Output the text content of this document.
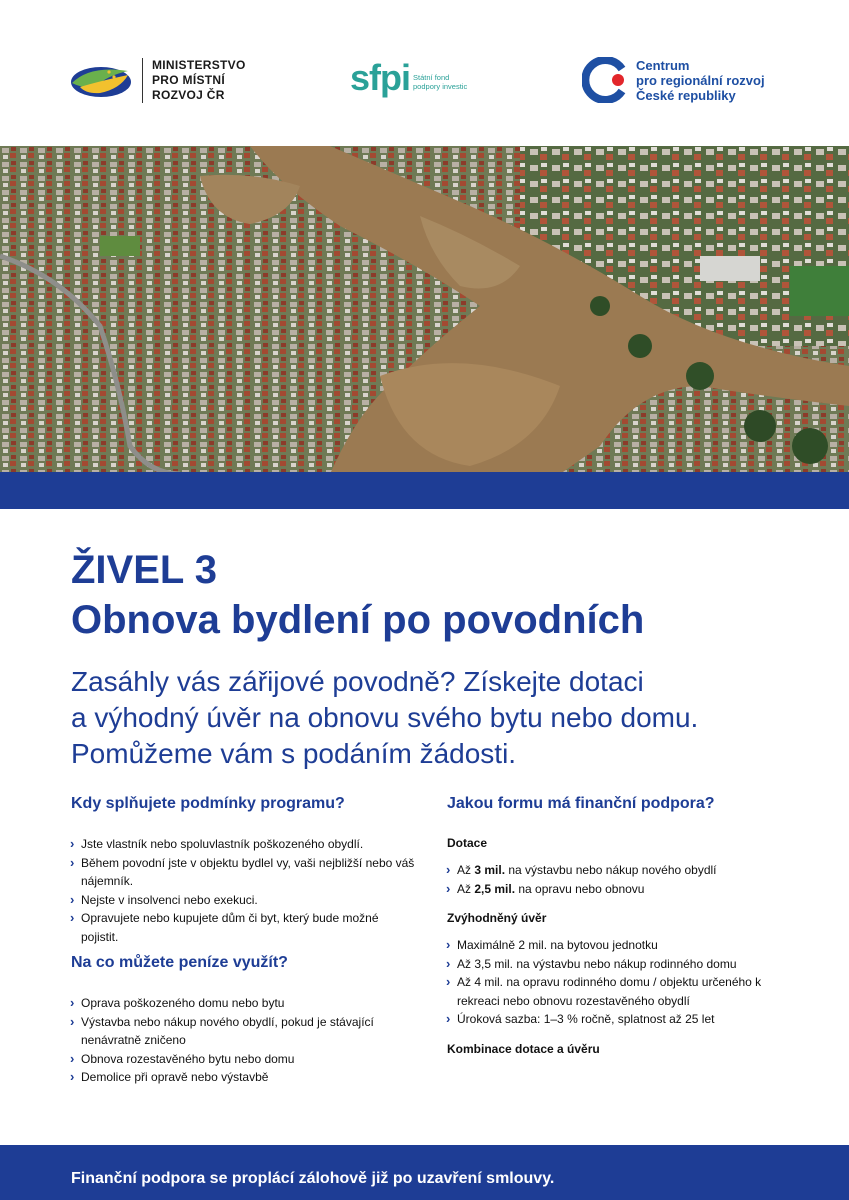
MINISTERSTVO
PRO MÍSTNÍ
ROZVOJ ČR	sfpi Státní fond
podpory investic
Centrum
pro regionální rozvoj
České republiky
ŽIVEL 3
Obnova bydlení po povodních
Zasáhly vás zářijové povodně? Získejte dotaci
a výhodný úvěr na obnovu svého bytu nebo domu.
Pomůžeme vám s podáním žádosti.
Kdy splňujete podmínky programu?
› Jste vlastník nebo spoluvlastník poškozeného obydlí.
› Během povodní jste v objektu bydlel vy, vaši nejbližší nebo váš nájemník.
› Nejste v insolvenci nebo exekuci.
› Opravujete nebo kupujete dům či byt, který bude možné pojistit.
Na co můžete peníze využít?
› Oprava poškozeného domu nebo bytu
› Výstavba nebo nákup nového obydlí, pokud je stávající nenávratně zničeno
› Obnova rozestavěného bytu nebo domu
› Demolice při opravě nebo výstavbě
Jakou formu má finanční podpora?
Dotace
› Až 3 mil. na výstavbu nebo nákup nového obydlí
› Až 2,5 mil. na opravu nebo obnovu
Zvýhodněný úvěr
› Maximálně 2 mil. na bytovou jednotku
› Až 3,5 mil. na výstavbu nebo nákup rodinného domu
› Až 4 mil. na opravu rodinného domu / objektu určeného k rekreaci nebo obnovu rozestavěného obydlí
› Úroková sazba: 1–3 % ročně, splatnost až 25 let
Kombinace dotace a úvěru
Finanční podpora se proplácí zálohově již po uzavření smlouvy.
